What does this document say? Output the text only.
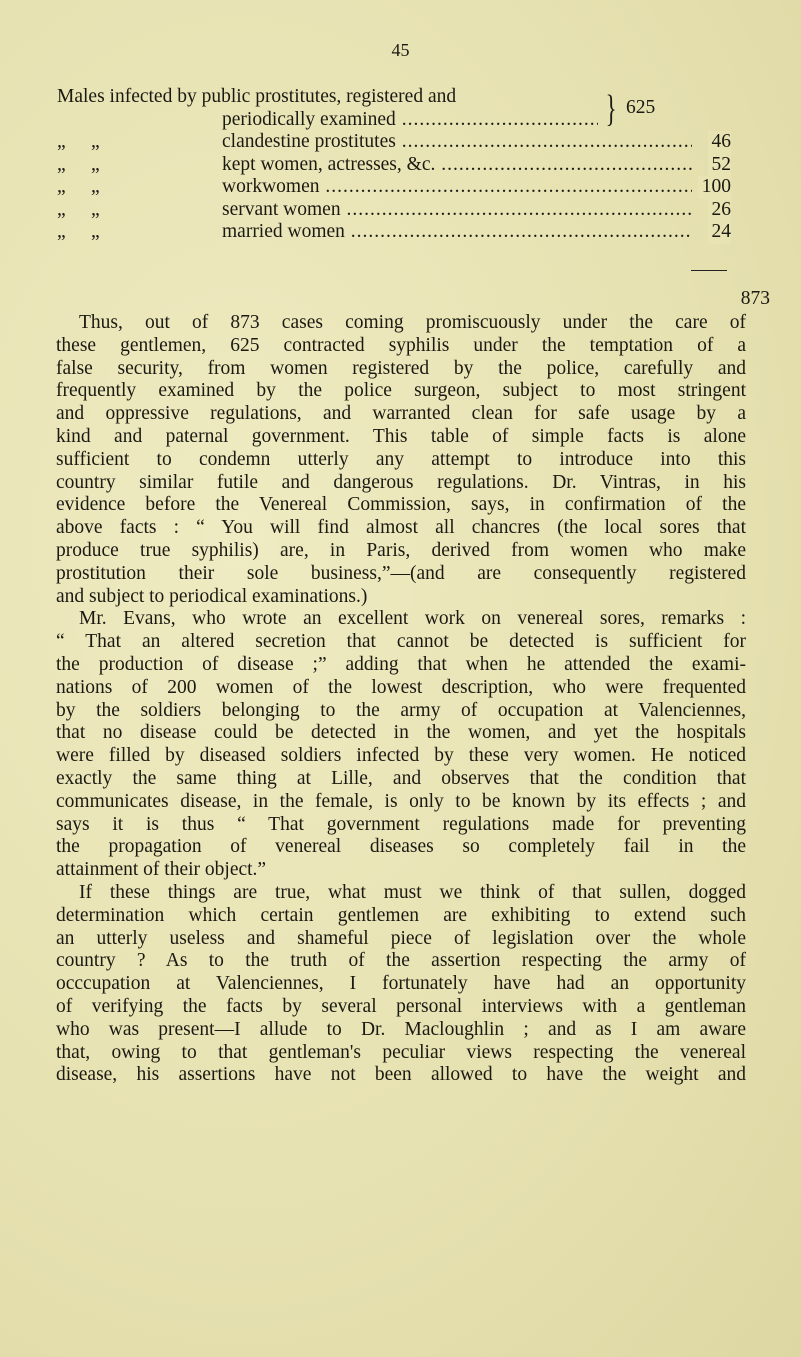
45
Males infected by public prostitutes, registered and
periodically examined .....	} 625
„ „	clandestine prostitutes .....	46
„ „	kept women, actresses, &c. .....	52
„ „	workwomen .....	100
„ „	servant women .....	26
„ „	married women .....	24
873
Thus, out of 873 cases coming promiscuously under the care of
these gentlemen, 625 contracted syphilis under the temptation of a
false security, from women registered by the police, carefully and
frequently examined by the police surgeon, subject to most stringent
and oppressive regulations, and warranted clean for safe usage by a
kind and paternal government. This table of simple facts is alone
sufficient to condemn utterly any attempt to introduce into this
country similar futile and dangerous regulations. Dr. Vintras, in his
evidence before the Venereal Commission, says, in confirmation of the
above facts : “ You will find almost all chancres (the local sores that
produce true syphilis) are, in Paris, derived from women who make
prostitution their sole business,”—(and are consequently registered
and subject to periodical examinations.)
Mr. Evans, who wrote an excellent work on venereal sores, remarks :
“ That an altered secretion that cannot be detected is sufficient for
the production of disease ;” adding that when he attended the exami-
nations of 200 women of the lowest description, who were frequented
by the soldiers belonging to the army of occupation at Valenciennes,
that no disease could be detected in the women, and yet the hospitals
were filled by diseased soldiers infected by these very women. He noticed
exactly the same thing at Lille, and observes that the condition that
communicates disease, in the female, is only to be known by its effects ; and
says it is thus “ That government regulations made for preventing
the propagation of venereal diseases so completely fail in the
attainment of their object.”
If these things are true, what must we think of that sullen, dogged
determination which certain gentlemen are exhibiting to extend such
an utterly useless and shameful piece of legislation over the whole
country ? As to the truth of the assertion respecting the army of
occcupation at Valenciennes, I fortunately have had an opportunity
of verifying the facts by several personal interviews with a gentleman
who was present—I allude to Dr. Macloughlin ; and as I am aware
that, owing to that gentleman's peculiar views respecting the venereal
disease, his assertions have not been allowed to have the weight and
